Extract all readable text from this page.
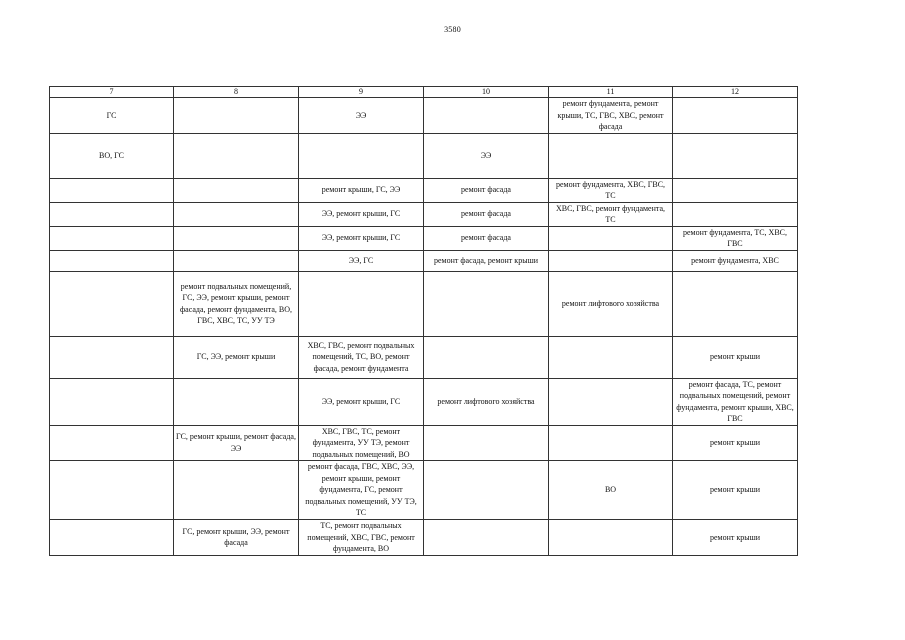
3580
7	8	9	10	11	12
ГС		ЭЭ		ремонт фундамента, ремонт крыши, ТС, ГВС, ХВС, ремонт фасада	
ВО, ГС			ЭЭ		
		ремонт крыши, ГС, ЭЭ	ремонт фасада	ремонт фундамента, ХВС, ГВС, ТС	
		ЭЭ, ремонт крыши, ГС	ремонт фасада	ХВС, ГВС, ремонт фундамента, ТС	
		ЭЭ, ремонт крыши, ГС	ремонт фасада		ремонт фундамента, ТС, ХВС, ГВС
		ЭЭ, ГС	ремонт фасада, ремонт крыши		ремонт фундамента, ХВС
	ремонт подвальных помещений, ГС, ЭЭ, ремонт крыши, ремонт фасада, ремонт фундамента, ВО, ГВС, ХВС, ТС, УУ ТЭ			ремонт лифтового хозяйства	
	ГС, ЭЭ, ремонт крыши	ХВС, ГВС, ремонт подвальных помещений, ТС, ВО, ремонт фасада, ремонт фундамента			ремонт крыши
		ЭЭ, ремонт крыши, ГС	ремонт лифтового хозяйства		ремонт фасада, ТС, ремонт подвальных помещений, ремонт фундамента, ремонт крыши, ХВС, ГВС
	ГС, ремонт крыши, ремонт фасада, ЭЭ	ХВС, ГВС, ТС, ремонт фундамента, УУ ТЭ, ремонт подвальных помещений, ВО			ремонт крыши
		ремонт фасада, ГВС, ХВС, ЭЭ, ремонт крыши, ремонт фундамента, ГС, ремонт подвальных помещений, УУ ТЭ, ТС		ВО	ремонт крыши
	ГС, ремонт крыши, ЭЭ, ремонт фасада	ТС, ремонт подвальных помещений, ХВС, ГВС, ремонт фундамента, ВО			ремонт крыши
